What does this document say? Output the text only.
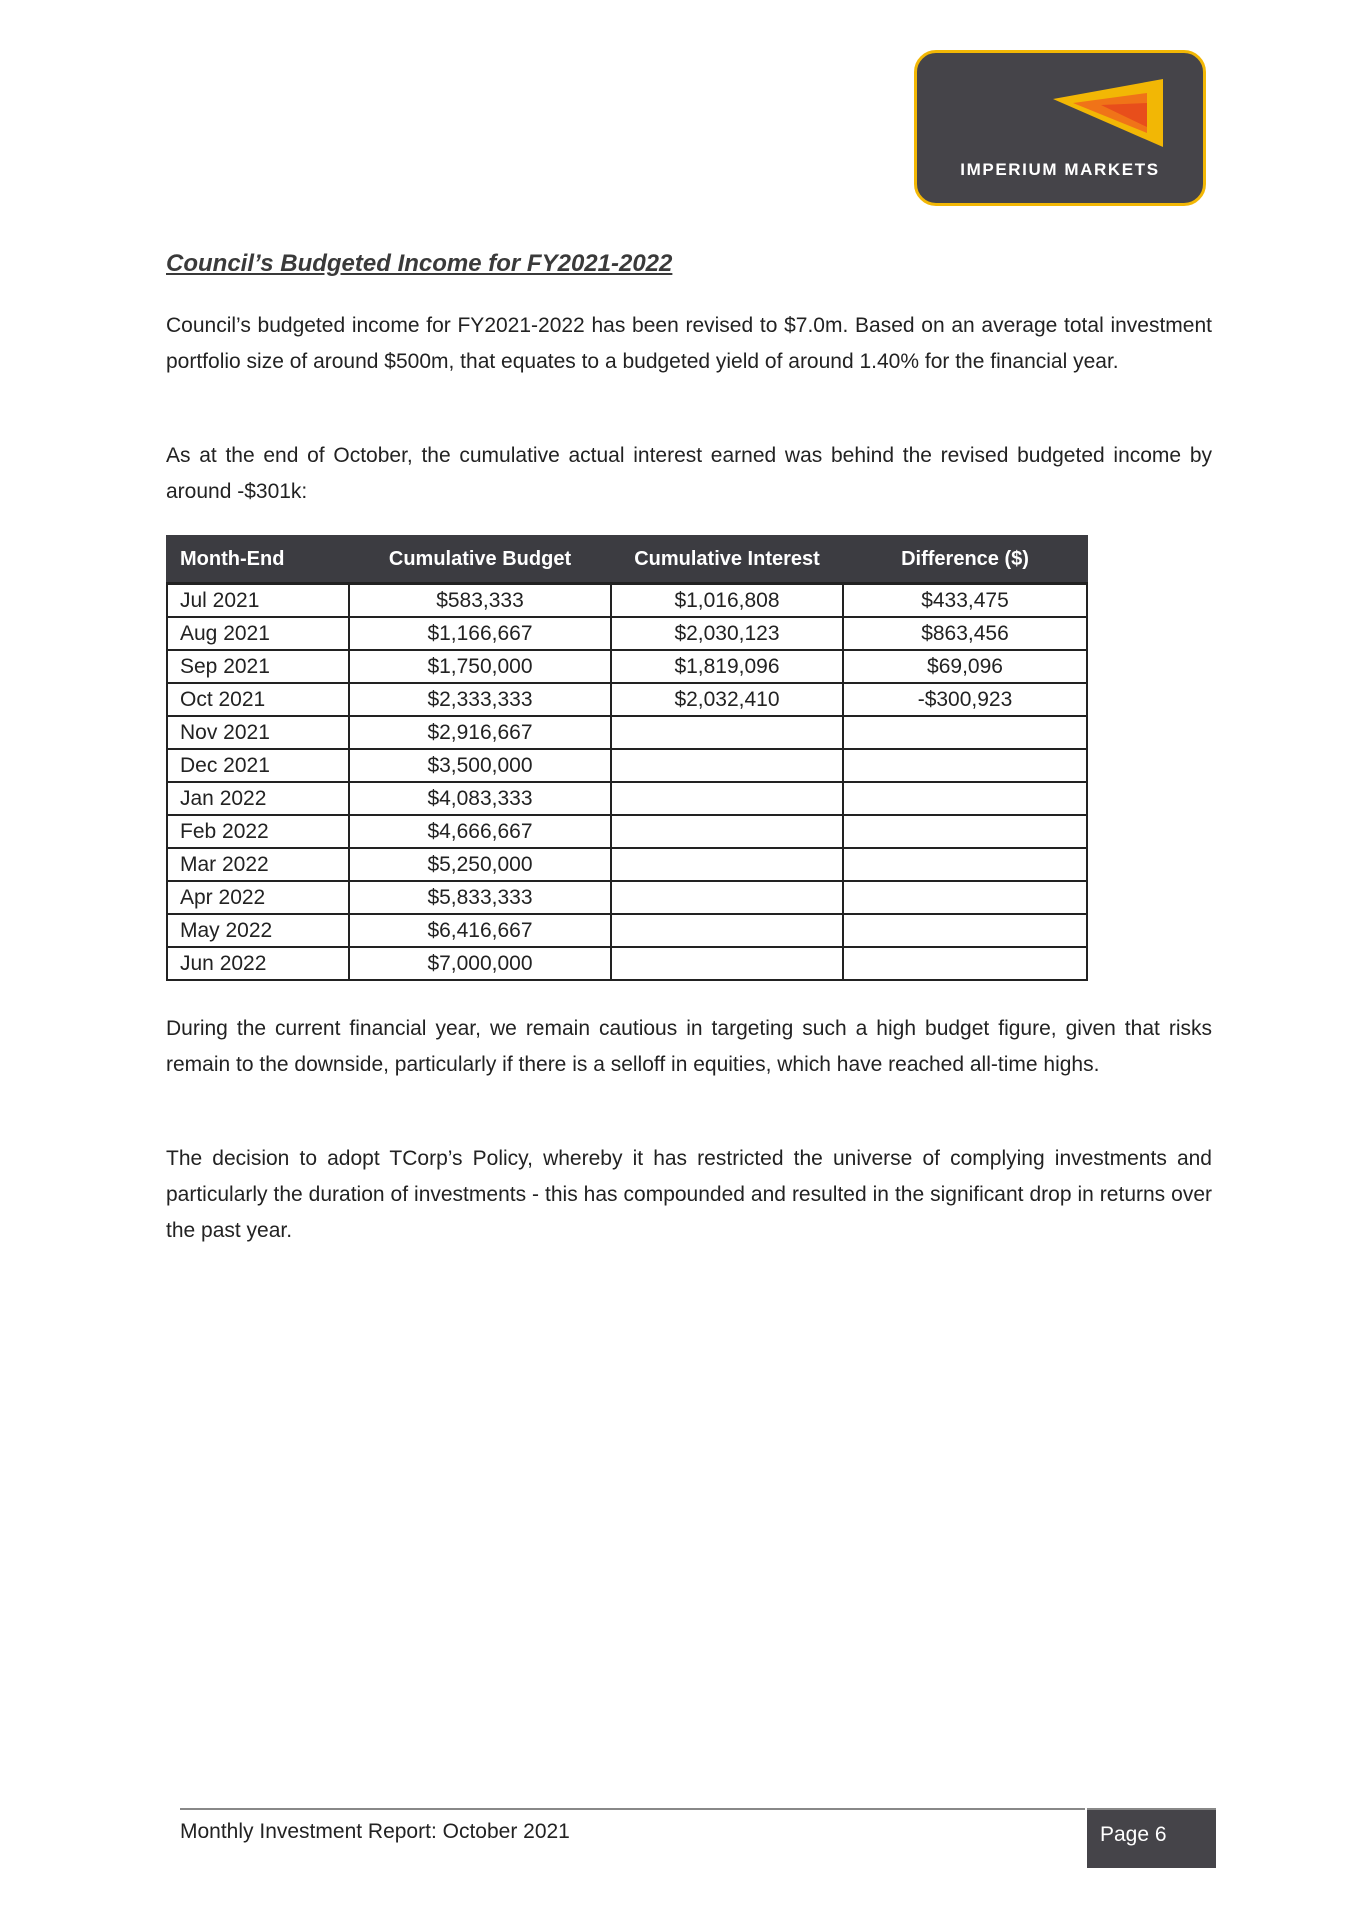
IMPERIUM MARKETS
Council’s Budgeted Income for FY2021-2022
Council’s budgeted income for FY2021-2022 has been revised to $7.0m. Based on an average total investment portfolio size of around $500m, that equates to a budgeted yield of around 1.40% for the financial year.
As at the end of October, the cumulative actual interest earned was behind the revised budgeted income by around -$301k:
Month-End	Cumulative Budget	Cumulative Interest	Difference ($)
Jul 2021	$583,333	$1,016,808	$433,475
Aug 2021	$1,166,667	$2,030,123	$863,456
Sep 2021	$1,750,000	$1,819,096	$69,096
Oct 2021	$2,333,333	$2,032,410	-$300,923
Nov 2021	$2,916,667		
Dec 2021	$3,500,000		
Jan 2022	$4,083,333		
Feb 2022	$4,666,667		
Mar 2022	$5,250,000		
Apr 2022	$5,833,333		
May 2022	$6,416,667		
Jun 2022	$7,000,000		
During the current financial year, we remain cautious in targeting such a high budget figure, given that risks remain to the downside, particularly if there is a selloff in equities, which have reached all-time highs.
The decision to adopt TCorp’s Policy, whereby it has restricted the universe of complying investments and particularly the duration of investments - this has compounded and resulted in the significant drop in returns over the past year.
Monthly Investment Report: October 2021	Page 6
